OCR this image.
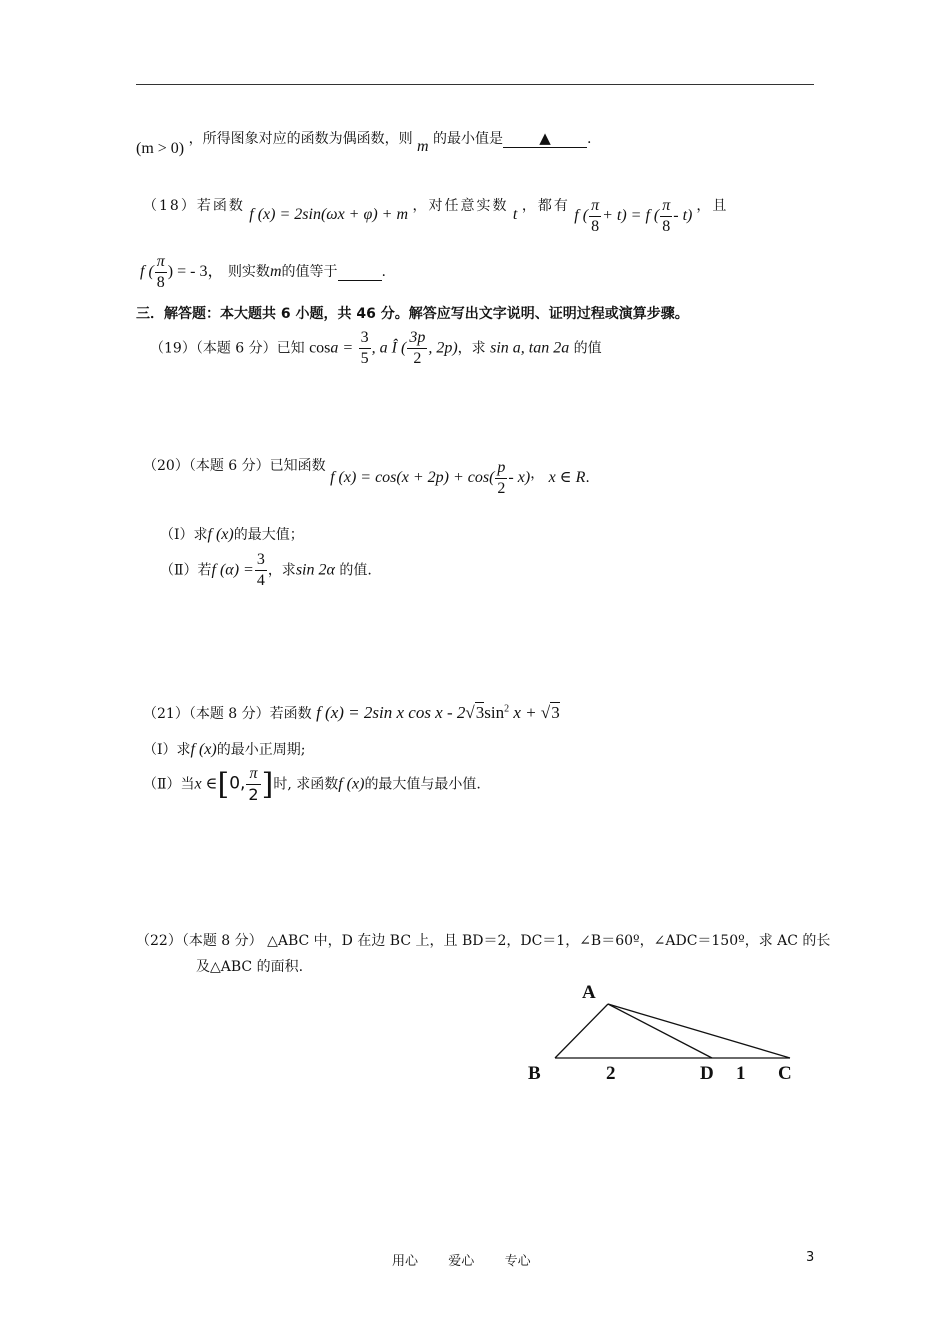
(m > 0) ，所得图象对应的函数为偶函数，则 m 的最小值是 ▲	.
（18）若函数 f (x) = 2sin(ωx + φ) + m ，对任意实数 t ，都有 f ( $\frac{\pi}{8} + t) = f$ ( $\frac{\pi}{8} - t$) ，且
f ( $\frac{\pi}{8}$ ) = - 3， 则实数m的值等于	.
三．解答题：本大题共 6 小题，共 46 分。解答应写出文字说明、证明过程或演算步骤。
（19）（本题 6 分）已知 $\cos a = \frac{3}{5}$ , a Î ( $\frac{3p}{2}$ , 2p)，求 sin a, tan 2a 的值
（20）（本题 6 分）已知函数 f $(x) = \cos(x + 2p) + \cos( \frac{p}{2} - x)$， x ∈ R.
（Ⅰ）求f (x)的最大值；
（Ⅱ）若f $(\alpha) = \frac{3}{4}$ ，求sin 2α 的值.
（21）（本题 8 分）若函数 f (x) = 2sin x cos x - $2√3\sin^2$ x + √3
（Ⅰ）求f (x)的最小正周期;
（Ⅱ）当x ∈[0, $\frac{\pi}{2}$ ]时, 求函数f (x)的最大值与最小值.
（22）（本题 8 分） △ABC 中，D 在边 BC 上，且 BD＝2，DC＝1，∠B＝60º，∠ADC＝150º，求 AC 的长
及△ABC 的面积.
A
B	2	D 1 C
用心 爱心 专心	3
